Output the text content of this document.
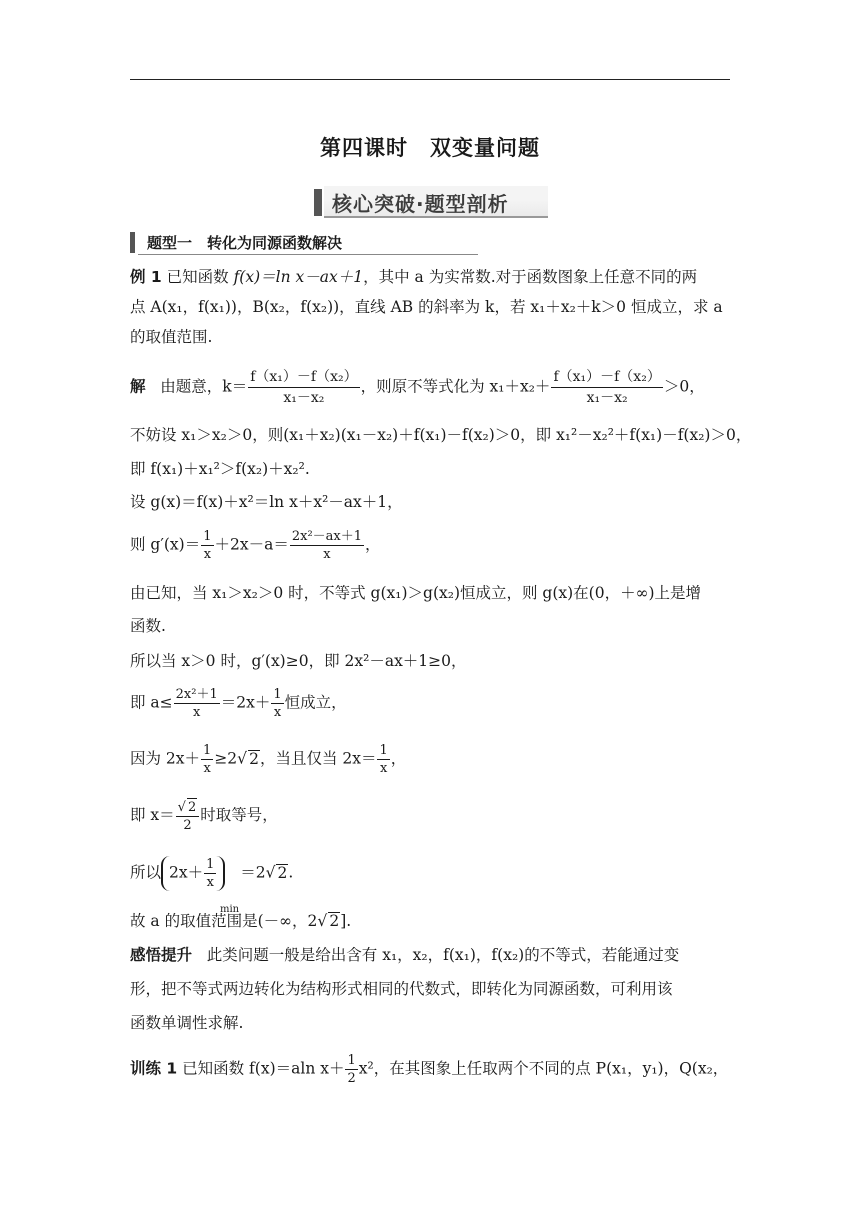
第四课时　双变量问题
核心突破·题型剖析
题型一　转化为同源函数解决
例 1 已知函数 f(x)＝ln x－ax＋1，其中 a 为实常数.对于函数图象上任意不同的两
点 A(x₁，f(x₁))，B(x₂，f(x₂))，直线 AB 的斜率为 k，若 x₁＋x₂＋k＞0 恒成立，求 a
的取值范围.
解 由题意，$k= \frac{\text{f（x₁）－f（x₂）}}{\text{x₁－x₂}}$ ，则原不等式化为 $x_1+x_2+ \frac{\text{f（x₁）－f（x₂）}}{\text{x₁－x₂}} >0$，
不妨设 x₁＞x₂＞0，则(x₁＋x₂)(x₁－x₂)＋f(x₁)－f(x₂)＞0，即 x₁²－x₂²＋f(x₁)－f(x₂)＞0，
即 f(x₁)＋x₁²＞f(x₂)＋x₂².
设 g(x)＝f(x)＋x²＝ln x＋x²－ax＋1，
则 $g'(x)= \frac{1}{x} +2x-a= \frac{\text{2x²－ax＋1}}{x}$ ，
由已知，当 x₁＞x₂＞0 时，不等式 g(x₁)＞g(x₂)恒成立，则 g(x)在(0，＋∞)上是增
函数.
所以当 x＞0 时，g′(x)≥0，即 2x²－ax＋1≥0，
即 $a\le \frac{\text{2x²＋1}}{x} =2x+ \frac{1}{x}$ 恒成立，
因为 $2x+ \frac{1}{x} \ge 2√$ 2，当且仅当 $2x= \frac{1}{x}$ ，
即 $x= \frac{√ 2}{2}$ 时取等号，
所以 $2x+ \frac{1}{x} =2√$ 2.
min
故 a 的取值范围是(－∞，2√ 2].
感悟提升 此类问题一般是给出含有 x₁，x₂，f(x₁)，f(x₂)的不等式，若能通过变
形，把不等式两边转化为结构形式相同的代数式，即转化为同源函数，可利用该
函数单调性求解.
训练 1 已知函数 f(x)＝aln $x+ \frac{1}{2} x^2$，在其图象上任取两个不同的点 P(x₁，y₁)，Q(x₂，
